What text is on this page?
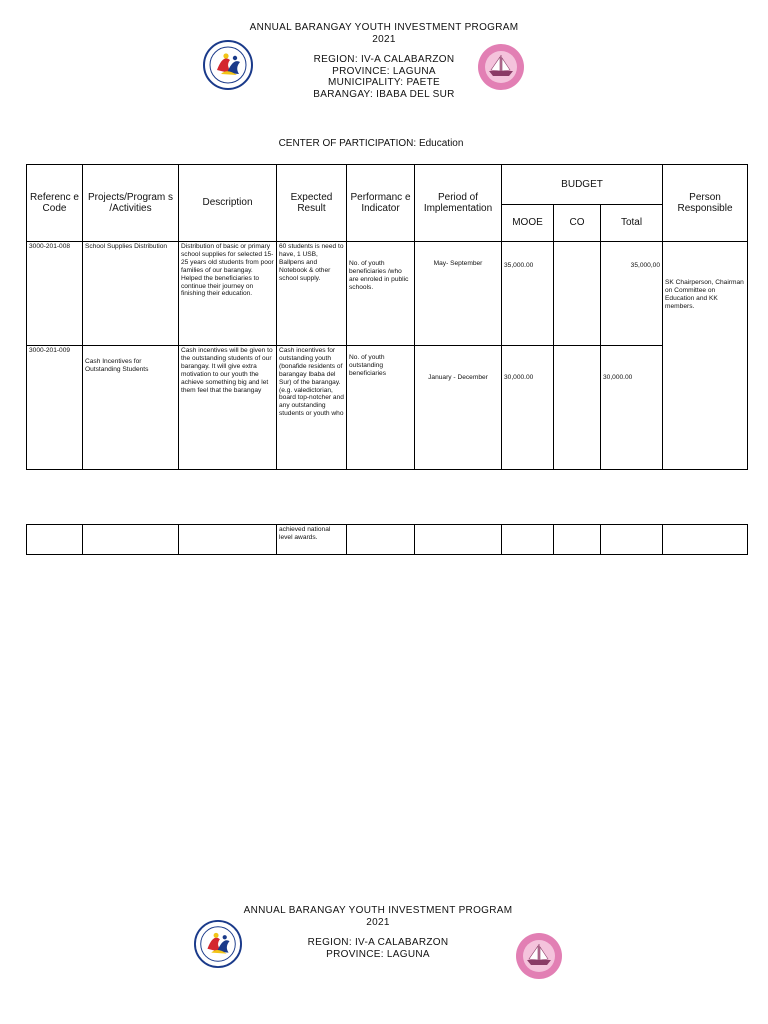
ANNUAL BARANGAY YOUTH INVESTMENT PROGRAM
2021
REGION: IV-A CALABARZON
PROVINCE: LAGUNA
MUNICIPALITY: PAETE
BARANGAY: IBABA DEL SUR
CENTER OF PARTICIPATION: Education
Referenc e Code	Projects/Program s /Activities	Description	Expected Result	Performanc e Indicator	Period of Implementation	BUDGET			Person Responsible
						MOOE	CO	Total	
3000-201-008	School Supplies Distribution	Distribution of basic or primary school supplies for selected 15-25 years old students from poor families of our barangay. Helped the beneficiaries to continue their journey on finishing their education.	60 students is need to have, 1 USB, Ballpens and Notebook & other school supply.	No. of youth beneficiaries /who are enroled in public schools.	May- September	35,000.00		35,000,00	SK Chairperson, Chairman on Committee on Education and KK members.
3000-201-009	Cash Incentives for Outstanding Students	Cash incentives will be given to the outstanding students of our barangay. It will give extra motivation to our youth the achieve something big and let them feel that the barangay	Cash incentives for outstanding youth (bonafide residents of barangay Ibaba del Sur) of the barangay. (e.g. valedictorian, board top-notcher and any outstanding students or youth who	No. of youth outstanding beneficiaries	January - December	30,000.00		30,000.00	
			achieved national level awards.						
ANNUAL BARANGAY YOUTH INVESTMENT PROGRAM
2021
REGION: IV-A CALABARZON
PROVINCE: LAGUNA
